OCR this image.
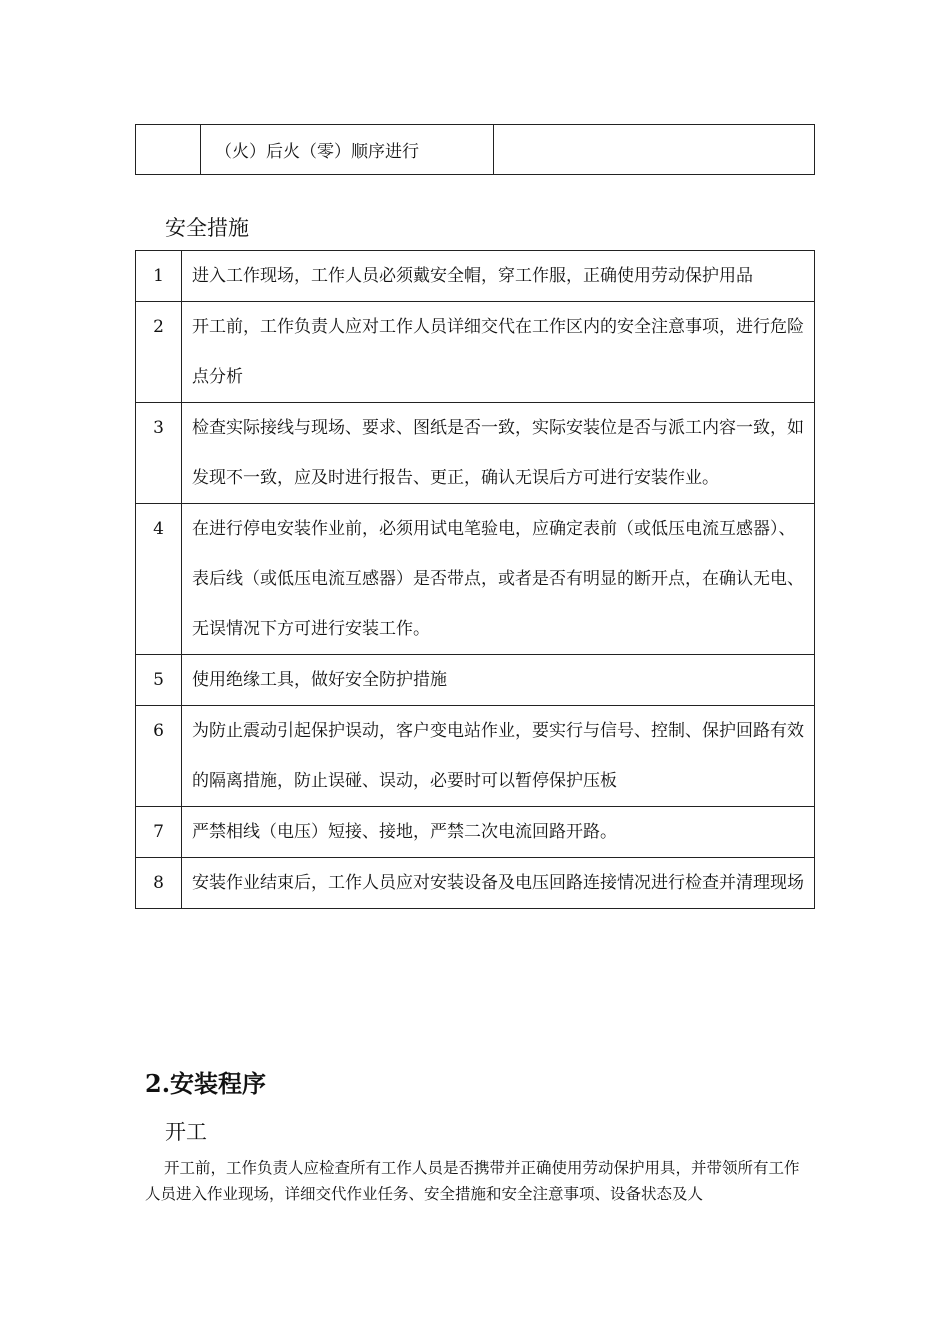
	（火）后火（零）顺序进行	
安全措施
1	进入工作现场，工作人员必须戴安全帽，穿工作服，正确使用劳动保护用品
2	开工前，工作负责人应对工作人员详细交代在工作区内的安全注意事项，进行危险点分析
3	检查实际接线与现场、要求、图纸是否一致，实际安装位是否与派工内容一致，如发现不一致，应及时进行报告、更正，确认无误后方可进行安装作业。
4	在进行停电安装作业前，必须用试电笔验电，应确定表前（或低压电流互感器）、表后线（或低压电流互感器）是否带点，或者是否有明显的断开点，在确认无电、无误情况下方可进行安装工作。
5	使用绝缘工具，做好安全防护措施
6	为防止震动引起保护误动，客户变电站作业，要实行与信号、控制、保护回路有效的隔离措施，防止误碰、误动，必要时可以暂停保护压板
7	严禁相线（电压）短接、接地，严禁二次电流回路开路。
8	安装作业结束后，工作人员应对安装设备及电压回路连接情况进行检查并清理现场
2.安装程序
开工

开工前，工作负责人应检查所有工作人员是否携带并正确使用劳动保护用具，并带领所有工作人员进入作业现场，详细交代作业任务、安全措施和安全注意事项、设备状态及人
